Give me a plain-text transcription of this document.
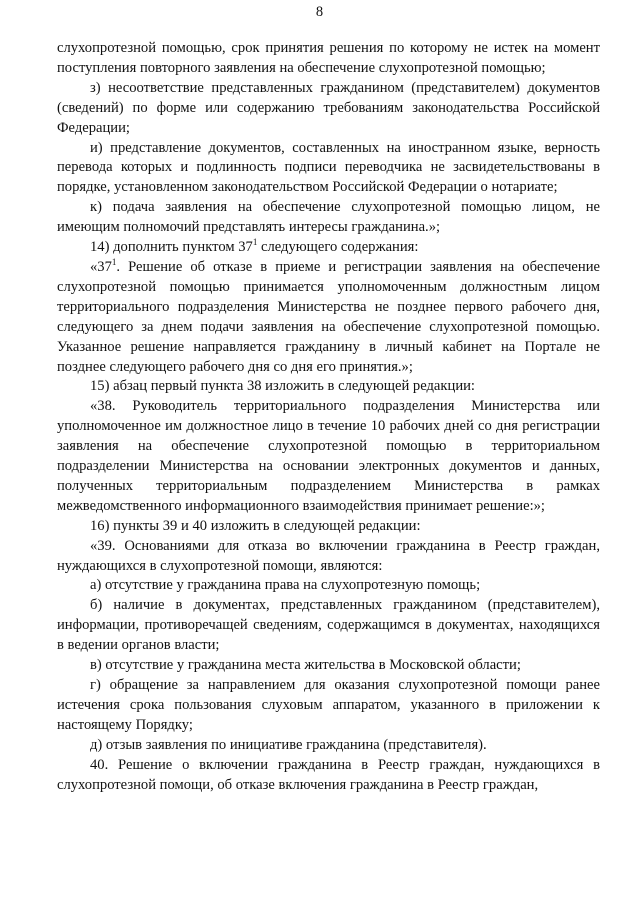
8

слухопротезной помощью, срок принятия решения по которому не истек на момент поступления повторного заявления на обеспечение слухопротезной помощью;

з) несоответствие представленных гражданином (представителем) документов (сведений) по форме или содержанию требованиям законодательства Российской Федерации;

и) представление документов, составленных на иностранном языке, верность перевода которых и подлинность подписи переводчика не засвидетельствованы в порядке, установленном законодательством Российской Федерации о нотариате;

к) подача заявления на обеспечение слухопротезной помощью лицом, не имеющим полномочий представлять интересы гражданина.»;

14) дополнить пунктом $37^1$ следующего содержания:

«$37^1$. Решение об отказе в приеме и регистрации заявления на обеспечение слухопротезной помощью принимается уполномоченным должностным лицом территориального подразделения Министерства не позднее первого рабочего дня, следующего за днем подачи заявления на обеспечение слухопротезной помощью. Указанное решение направляется гражданину в личный кабинет на Портале не позднее следующего рабочего дня со дня его принятия.»;

15) абзац первый пункта 38 изложить в следующей редакции:

«38. Руководитель территориального подразделения Министерства или уполномоченное им должностное лицо в течение 10 рабочих дней со дня регистрации заявления на обеспечение слухопротезной помощью в территориальном подразделении Министерства на основании электронных документов и данных, полученных территориальным подразделением Министерства в рамках межведомственного информационного взаимодействия принимает решение:»;

16) пункты 39 и 40 изложить в следующей редакции:

«39. Основаниями для отказа во включении гражданина в Реестр граждан, нуждающихся в слухопротезной помощи, являются:

а) отсутствие у гражданина права на слухопротезную помощь;

б) наличие в документах, представленных гражданином (представителем), информации, противоречащей сведениям, содержащимся в документах, находящихся в ведении органов власти;

в) отсутствие у гражданина места жительства в Московской области;

г) обращение за направлением для оказания слухопротезной помощи ранее истечения срока пользования слуховым аппаратом, указанного в приложении к настоящему Порядку;

д) отзыв заявления по инициативе гражданина (представителя).

40. Решение о включении гражданина в Реестр граждан, нуждающихся в слухопротезной помощи, об отказе включения гражданина в Реестр граждан,
